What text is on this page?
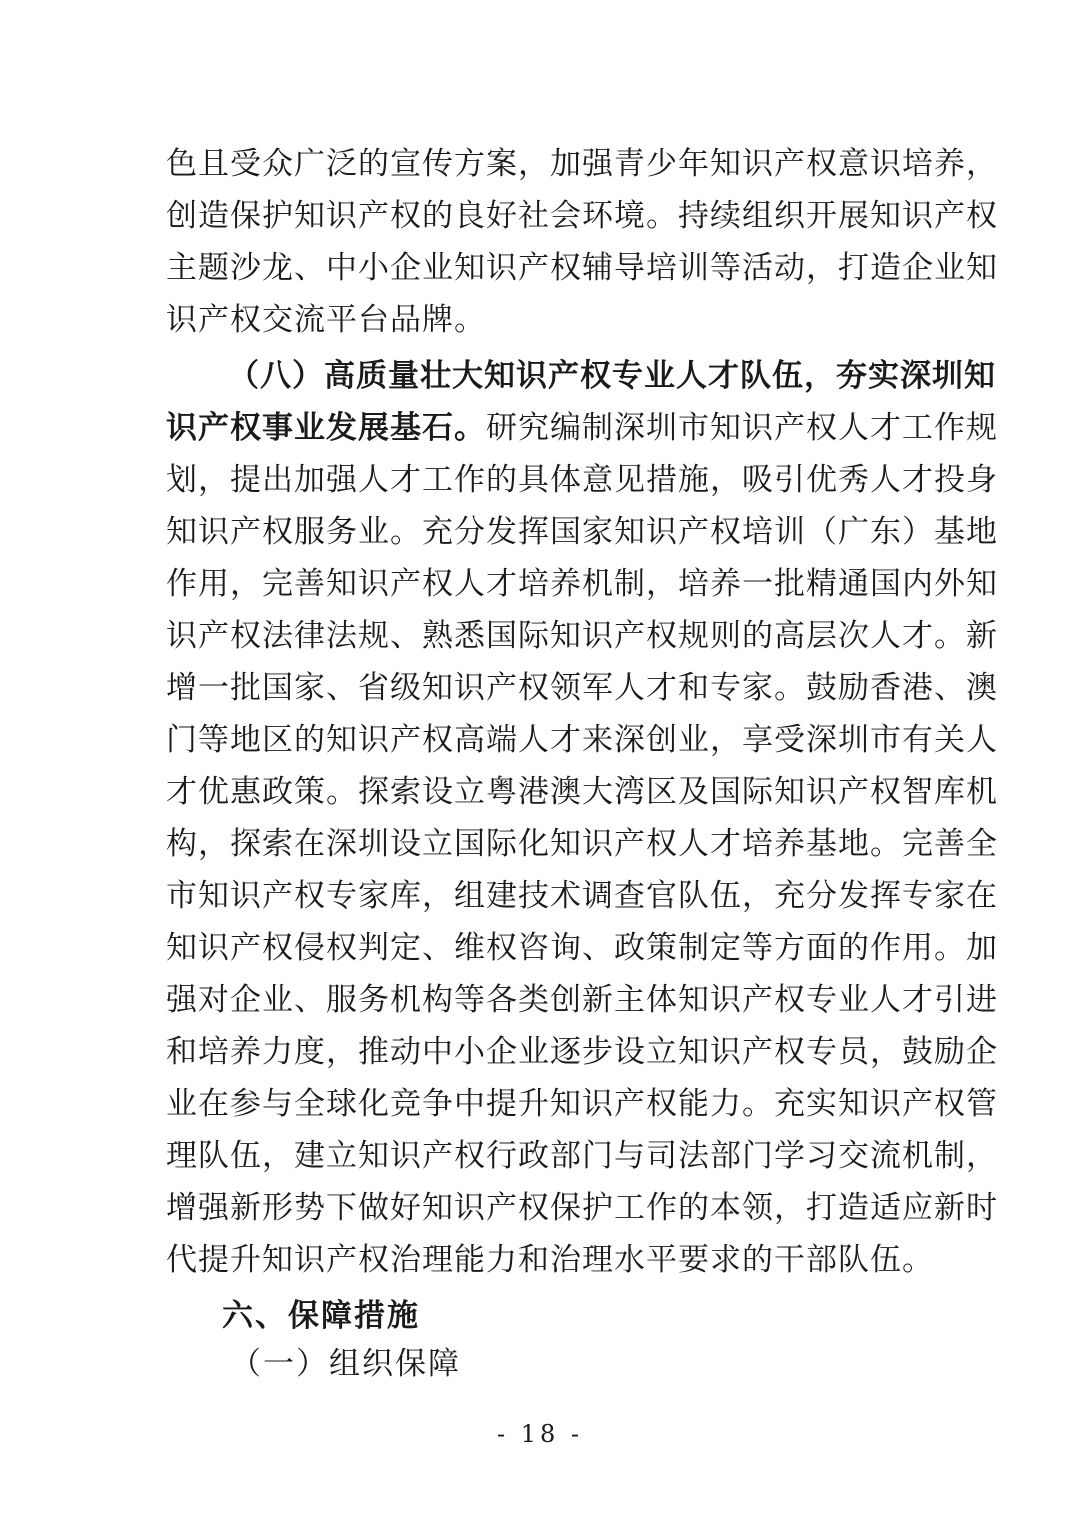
色且受众广泛的宣传方案，加强青少年知识产权意识培养，
创造保护知识产权的良好社会环境。持续组织开展知识产权
主题沙龙、中小企业知识产权辅导培训等活动，打造企业知
识产权交流平台品牌。
（八）高质量壮大知识产权专业人才队伍，夯实深圳知
识产权事业发展基石。研究编制深圳市知识产权人才工作规
划，提出加强人才工作的具体意见措施，吸引优秀人才投身
知识产权服务业。充分发挥国家知识产权培训（广东）基地
作用，完善知识产权人才培养机制，培养一批精通国内外知
识产权法律法规、熟悉国际知识产权规则的高层次人才。新
增一批国家、省级知识产权领军人才和专家。鼓励香港、澳
门等地区的知识产权高端人才来深创业，享受深圳市有关人
才优惠政策。探索设立粤港澳大湾区及国际知识产权智库机
构，探索在深圳设立国际化知识产权人才培养基地。完善全
市知识产权专家库，组建技术调查官队伍，充分发挥专家在
知识产权侵权判定、维权咨询、政策制定等方面的作用。加
强对企业、服务机构等各类创新主体知识产权专业人才引进
和培养力度，推动中小企业逐步设立知识产权专员，鼓励企
业在参与全球化竞争中提升知识产权能力。充实知识产权管
理队伍，建立知识产权行政部门与司法部门学习交流机制，
增强新形势下做好知识产权保护工作的本领，打造适应新时
代提升知识产权治理能力和治理水平要求的干部队伍。
六、保障措施
（一）组织保障
- 18 -
